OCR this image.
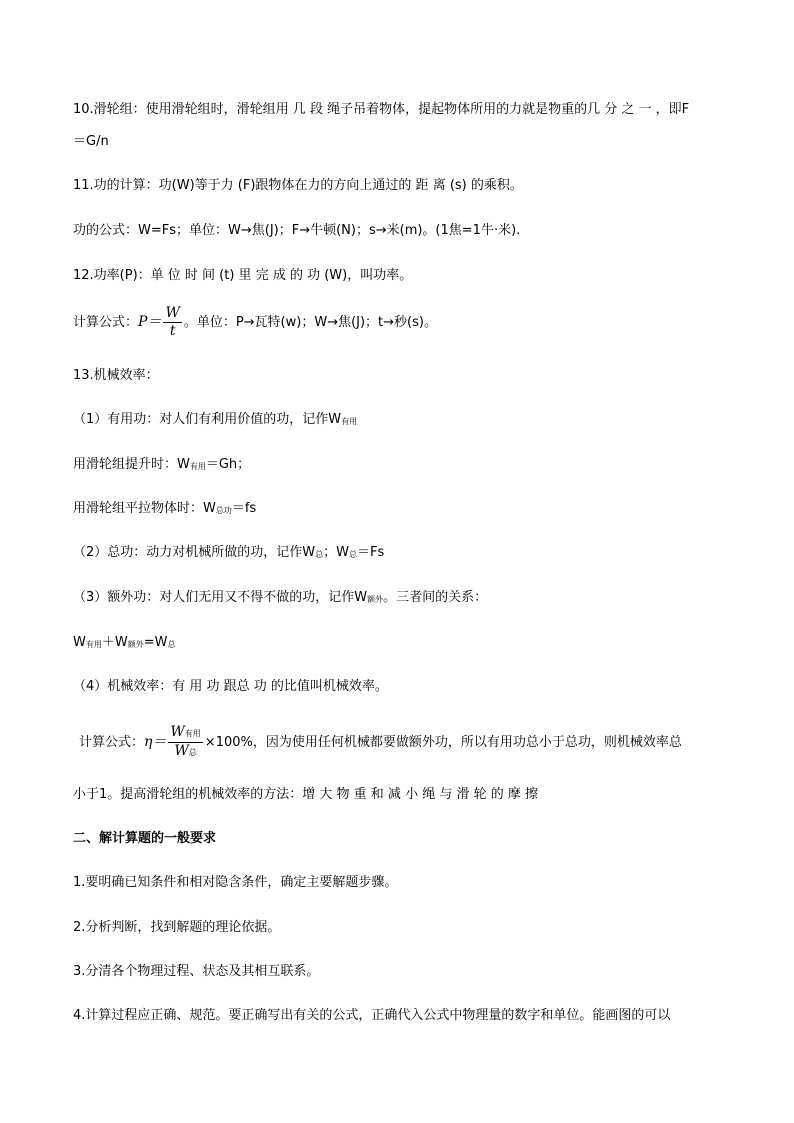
10.滑轮组：使用滑轮组时，滑轮组用 几 段 绳子吊着物体，提起物体所用的力就是物重的几 分 之 一 ，即F
＝G/n
11.功的计算：功(W)等于力 (F)跟物体在力的方向上通过的 距 离 (s) 的乘积。
功的公式：W=Fs；单位：W→焦(J)；F→牛顿(N)；s→米(m)。(1焦=1牛·米).
12.功率(P)：单 位 时 间 (t) 里 完 成 的 功 (W)，叫功率。
计算公式：$P= \frac{W}{t}$ 。单位：P→瓦特(w)；W→焦(J)；t→秒(s)。
13.机械效率：
（1）有用功：对人们有利用价值的功，记作W有用
用滑轮组提升时：W有用＝Gh；
用滑轮组平拉物体时：W总功＝fs
（2）总功：动力对机械所做的功，记作W总；W总＝Fs
（3）额外功：对人们无用又不得不做的功，记作W额外。三者间的关系：
W有用＋W额外=W总
（4）机械效率：有 用 功 跟总 功 的比值叫机械效率。
计算公式：$\eta= \frac{\text{W有用}}{\text{W总}} \times 100\%$，因为使用任何机械都要做额外功，所以有用功总小于总功，则机械效率总
小于1。提高滑轮组的机械效率的方法：增 大 物 重 和 减 小 绳 与 滑 轮 的 摩 擦
二、解计算题的一般要求
1.要明确已知条件和相对隐含条件，确定主要解题步骤。
2.分析判断，找到解题的理论依据。
3.分清各个物理过程、状态及其相互联系。
4.计算过程应正确、规范。要正确写出有关的公式，正确代入公式中物理量的数字和单位。能画图的可以
